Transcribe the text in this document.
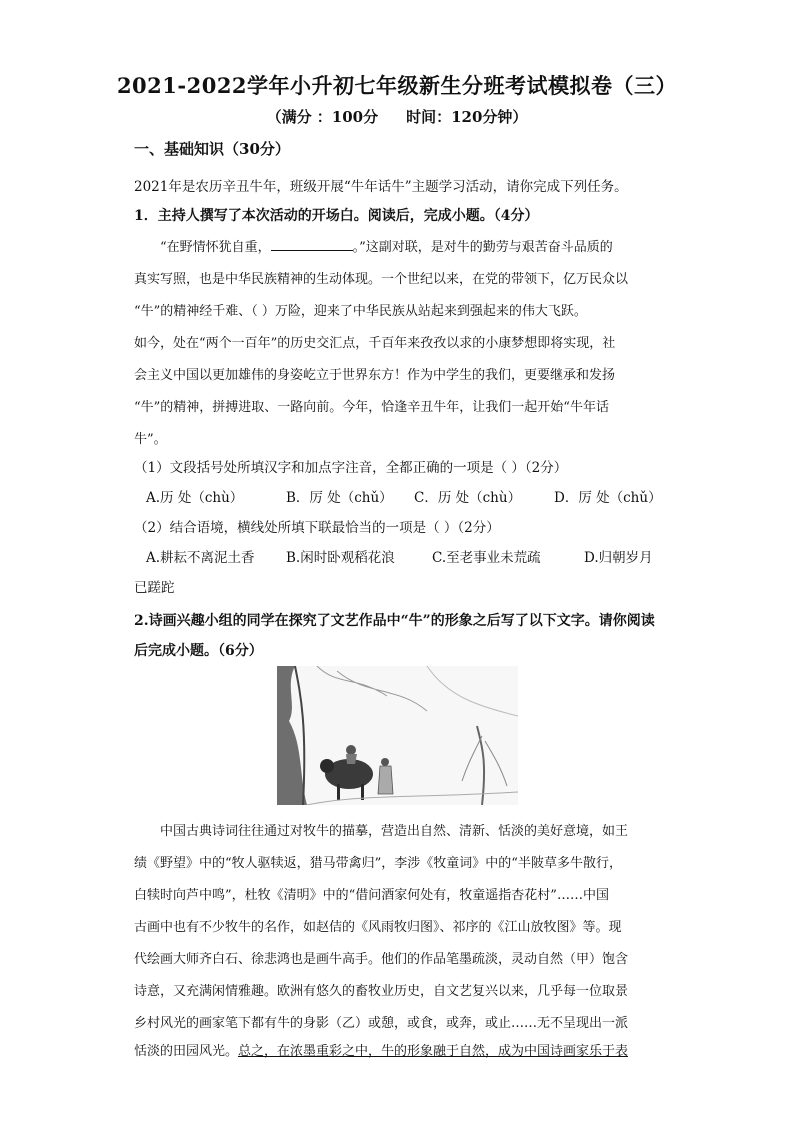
2021-2022学年小升初七年级新生分班考试模拟卷（三）
（满分 ：100分 时间：120分钟）
一、基础知识（30分）
2021年是农历辛丑牛年，班级开展“牛年话牛”主题学习活动，请你完成下列任务。
1．主持人撰写了本次活动的开场白。阅读后，完成小题。（4分）
“在野情怀犹自重，	。”这副对联，是对牛的勤劳与艰苦奋斗品质的
真实写照，也是中华民族精神的生动体现。一个世纪以来，在党的带领下，亿万民众以
“牛”的精神经千难、（ ）万险，迎来了中华民族从站起来到强起来的伟大飞跃。
如今，处在“两个一百年”的历史交汇点，千百年来孜孜以求的小康梦想即将实现，社
会主义中国以更加雄伟的身姿屹立于世界东方！作为中学生的我们，更要继承和发扬
“牛”的精神，拼搏进取、一路向前。今年，恰逢辛丑牛年，让我们一起开始“牛年话
牛”。
（1）文段括号处所填汉字和加点字注音，全都正确的一项是（ ）（2分）
A.历 处（chù）	B．厉 处（chǔ） C．历 处（chù） D．厉 处（chǔ）
（2）结合语境，横线处所填下联最恰当的一项是（ ）（2分）
A.耕耘不离泥土香 B.闲时卧观稻花浪	C.至老事业未荒疏	D.归朝岁月
已蹉跎
2.诗画兴趣小组的同学在探究了文艺作品中“牛”的形象之后写了以下文字。请你阅读
后完成小题。（6分）
中国古典诗词往往通过对牧牛的描摹，营造出自然、清新、恬淡的美好意境，如王
绩《野望》中的“牧人驱犊返，猎马带禽归”，李涉《牧童词》中的“半陂草多牛散行，
白犊时向芦中鸣”，杜牧《清明》中的“借问酒家何处有，牧童遥指杏花村”……中国
古画中也有不少牧牛的名作，如赵佶的《风雨牧归图》、祁序的《江山放牧图》等。现
代绘画大师齐白石、徐悲鸿也是画牛高手。他们的作品笔墨疏淡，灵动自然（甲）饱含
诗意，又充满闲情雅趣。欧洲有悠久的畜牧业历史，自文艺复兴以来，几乎每一位取景
乡村风光的画家笔下都有牛的身影（乙）或憩，或食，或奔，或止……无不呈现出一派
恬淡的田园风光。总之，在浓墨重彩之中，牛的形象融于自然，成为中国诗画家乐于表
